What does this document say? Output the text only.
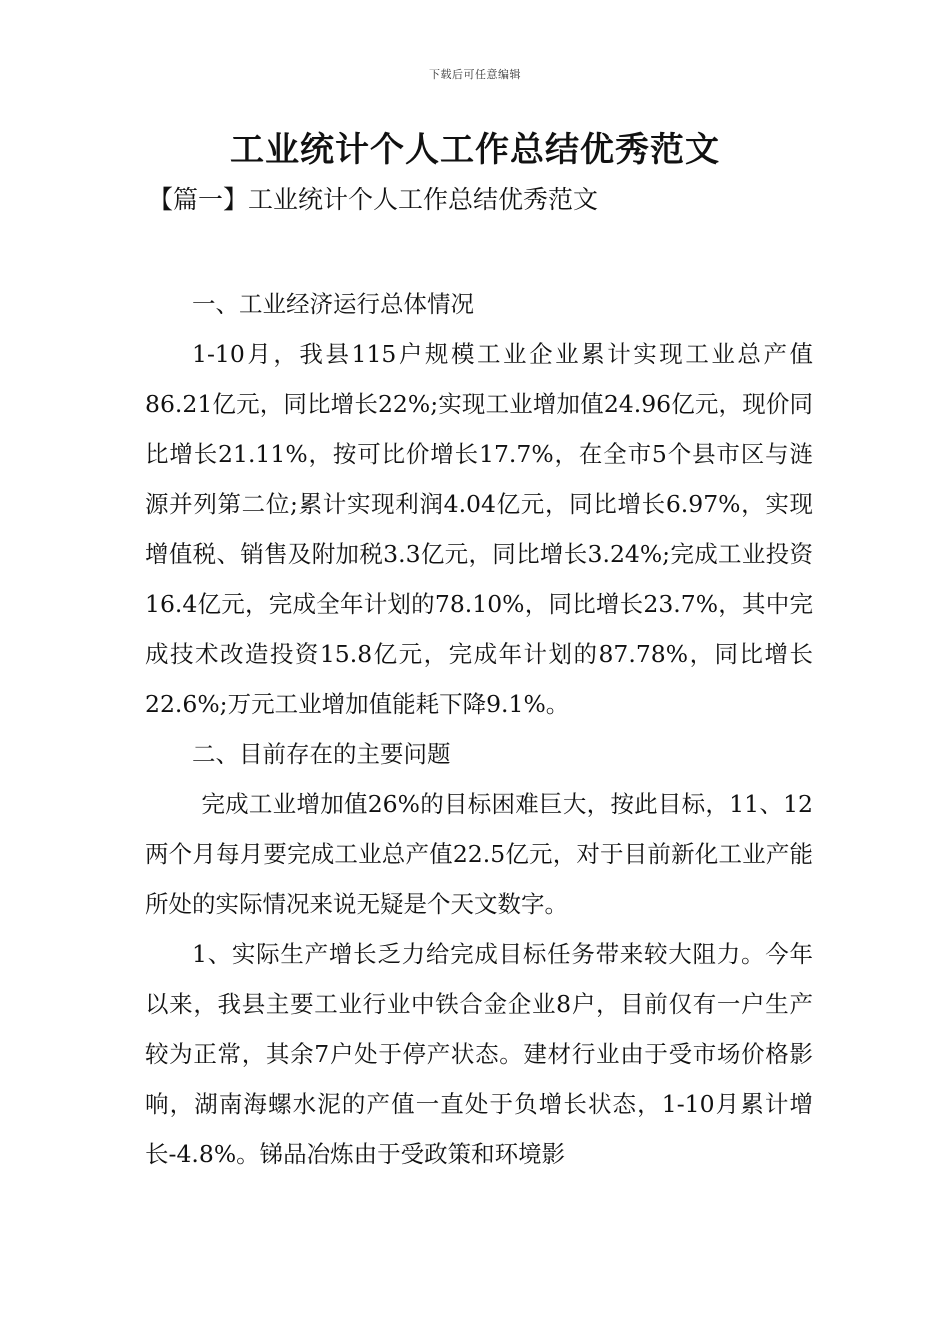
下载后可任意编辑
工业统计个人工作总结优秀范文
【篇一】工业统计个人工作总结优秀范文

一、工业经济运行总体情况

1-10月，我县115户规模工业企业累计实现工业总产值86.21亿元，同比增长22%;实现工业增加值24.96亿元，现价同比增长21.11%，按可比价增长17.7%，在全市5个县市区与涟源并列第二位;累计实现利润4.04亿元，同比增长6.97%，实现增值税、销售及附加税3.3亿元，同比增长3.24%;完成工业投资16.4亿元，完成全年计划的78.10%，同比增长23.7%，其中完成技术改造投资15.8亿元，完成年计划的87.78%，同比增长22.6%;万元工业增加值能耗下降9.1%。

二、目前存在的主要问题

完成工业增加值26%的目标困难巨大，按此目标，11、12两个月每月要完成工业总产值22.5亿元，对于目前新化工业产能所处的实际情况来说无疑是个天文数字。

1、实际生产增长乏力给完成目标任务带来较大阻力。今年以来，我县主要工业行业中铁合金企业8户，目前仅有一户生产较为正常，其余7户处于停产状态。建材行业由于受市场价格影响，湖南海螺水泥的产值一直处于负增长状态，1-10月累计增长-4.8%。锑品冶炼由于受政策和环境影
